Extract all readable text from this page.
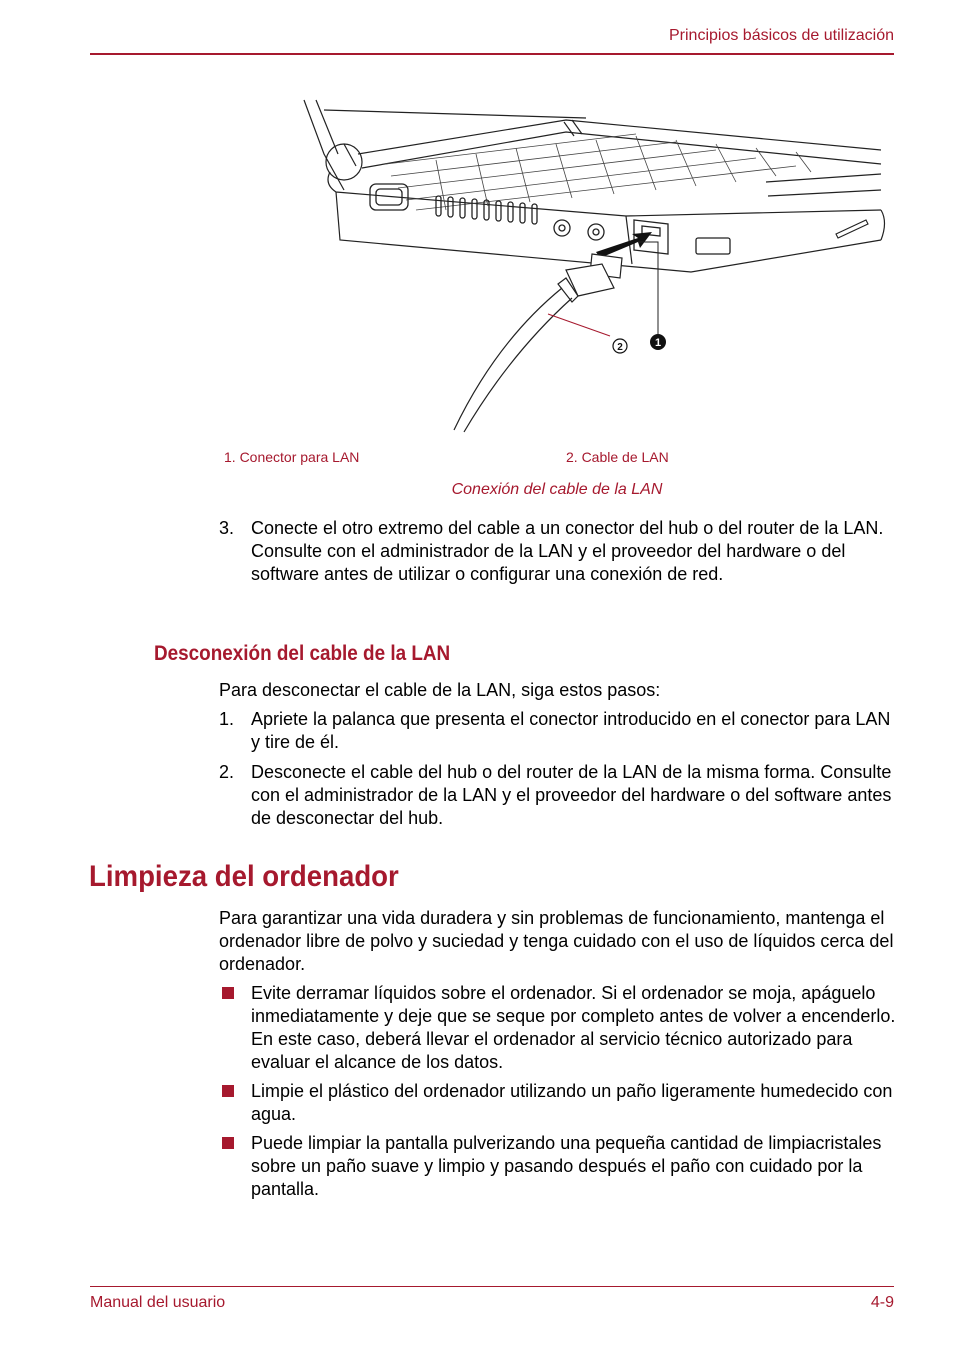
Principios básicos de utilización
2	1
1. Conector para LAN	2. Cable de LAN
Conexión del cable de la LAN
3. Conecte el otro extremo del cable a un conector del hub o del router de la LAN. Consulte con el administrador de la LAN y el proveedor del hardware o del software antes de utilizar o configurar una conexión de red.
Desconexión del cable de la LAN
Para desconectar el cable de la LAN, siga estos pasos:
1. Apriete la palanca que presenta el conector introducido en el conector para LAN y tire de él.
2. Desconecte el cable del hub o del router de la LAN de la misma forma. Consulte con el administrador de la LAN y el proveedor del hardware o del software antes de desconectar del hub.
Limpieza del ordenador
Para garantizar una vida duradera y sin problemas de funcionamiento, mantenga el ordenador libre de polvo y suciedad y tenga cuidado con el uso de líquidos cerca del ordenador.
Evite derramar líquidos sobre el ordenador. Si el ordenador se moja, apáguelo inmediatamente y deje que se seque por completo antes de volver a encenderlo. En este caso, deberá llevar el ordenador al servicio técnico autorizado para evaluar el alcance de los datos.
Limpie el plástico del ordenador utilizando un paño ligeramente humedecido con agua.
Puede limpiar la pantalla pulverizando una pequeña cantidad de limpiacristales sobre un paño suave y limpio y pasando después el paño con cuidado por la pantalla.
Manual del usuario	4-9
